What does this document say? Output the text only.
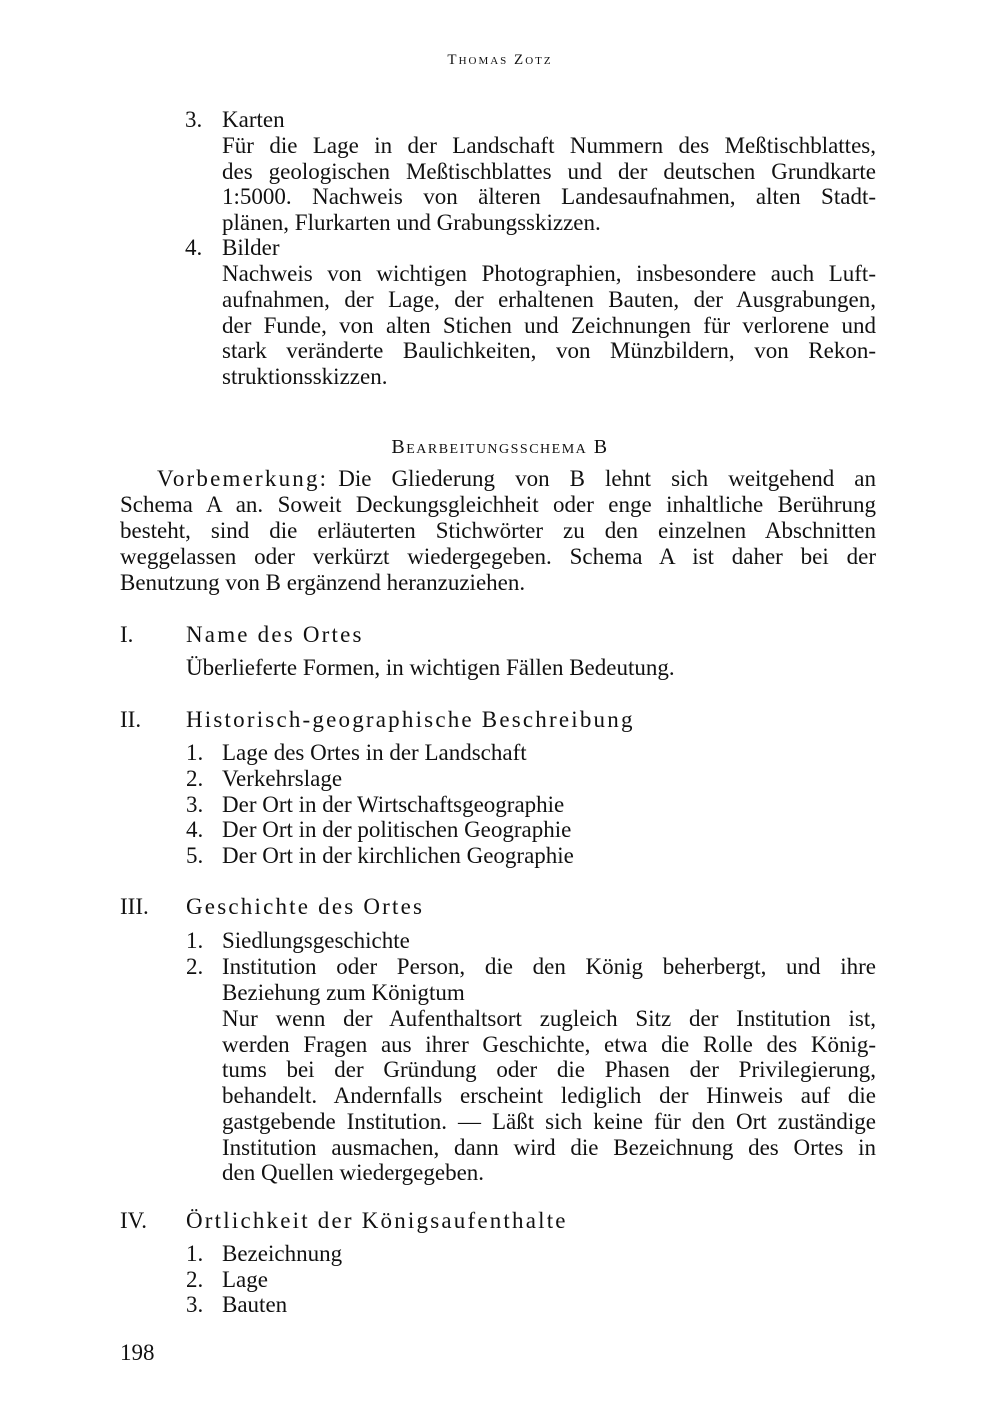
Thomas Zotz
3. Karten
Für die Lage in der Landschaft Nummern des Meßtischblattes,
des geologischen Meßtischblattes und der deutschen Grundkarte
1:5000. Nachweis von älteren Landesaufnahmen, alten Stadt-
plänen, Flurkarten und Grabungsskizzen.
4. Bilder
Nachweis von wichtigen Photographien, insbesondere auch Luft-
aufnahmen, der Lage, der erhaltenen Bauten, der Ausgrabungen,
der Funde, von alten Stichen und Zeichnungen für verlorene und
stark veränderte Baulichkeiten, von Münzbildern, von Rekon-
struktionsskizzen.
Bearbeitungsschema B
Vorbemerkung: Die Gliederung von B lehnt sich weitgehend an
Schema A an. Soweit Deckungsgleichheit oder enge inhaltliche Berührung
besteht, sind die erläuterten Stichwörter zu den einzelnen Abschnitten
weggelassen oder verkürzt wiedergegeben. Schema A ist daher bei der
Benutzung von B ergänzend heranzuziehen.
I. Name des Ortes
Überlieferte Formen, in wichtigen Fällen Bedeutung.
II. Historisch-geographische Beschreibung
1. Lage des Ortes in der Landschaft
2. Verkehrslage
3. Der Ort in der Wirtschaftsgeographie
4. Der Ort in der politischen Geographie
5. Der Ort in der kirchlichen Geographie
III. Geschichte des Ortes
1. Siedlungsgeschichte
2. Institution oder Person, die den König beherbergt, und ihre
Beziehung zum Königtum
Nur wenn der Aufenthaltsort zugleich Sitz der Institution ist,
werden Fragen aus ihrer Geschichte, etwa die Rolle des König-
tums bei der Gründung oder die Phasen der Privilegierung,
behandelt. Andernfalls erscheint lediglich der Hinweis auf die
gastgebende Institution. — Läßt sich keine für den Ort zuständige
Institution ausmachen, dann wird die Bezeichnung des Ortes in
den Quellen wiedergegeben.
IV. Örtlichkeit der Königsaufenthalte
1. Bezeichnung
2. Lage
3. Bauten
198
